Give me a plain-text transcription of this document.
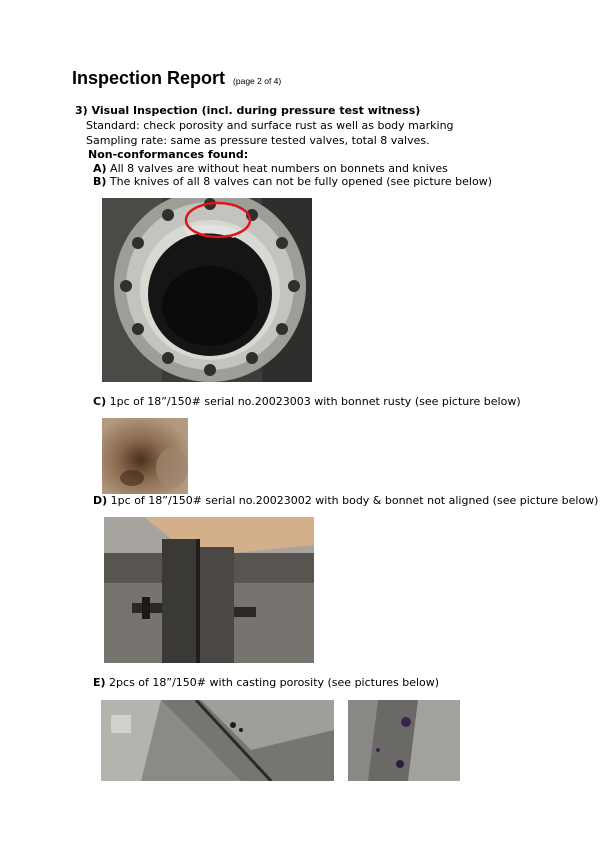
Inspection Report (page 2 of 4)
3) Visual Inspection (incl. during pressure test witness)
Standard: check porosity and surface rust as well as body marking
Sampling rate: same as pressure tested valves, total 8 valves.
Non-conformances found:
A) All 8 valves are without heat numbers on bonnets and knives
B) The knives of all 8 valves can not be fully opened (see picture below)
C) 1pc of 18”/150# serial no.20023003 with bonnet rusty (see picture below)
D) 1pc of 18”/150# serial no.20023002 with body & bonnet not aligned (see picture below)
E) 2pcs of 18”/150# with casting porosity (see pictures below)
